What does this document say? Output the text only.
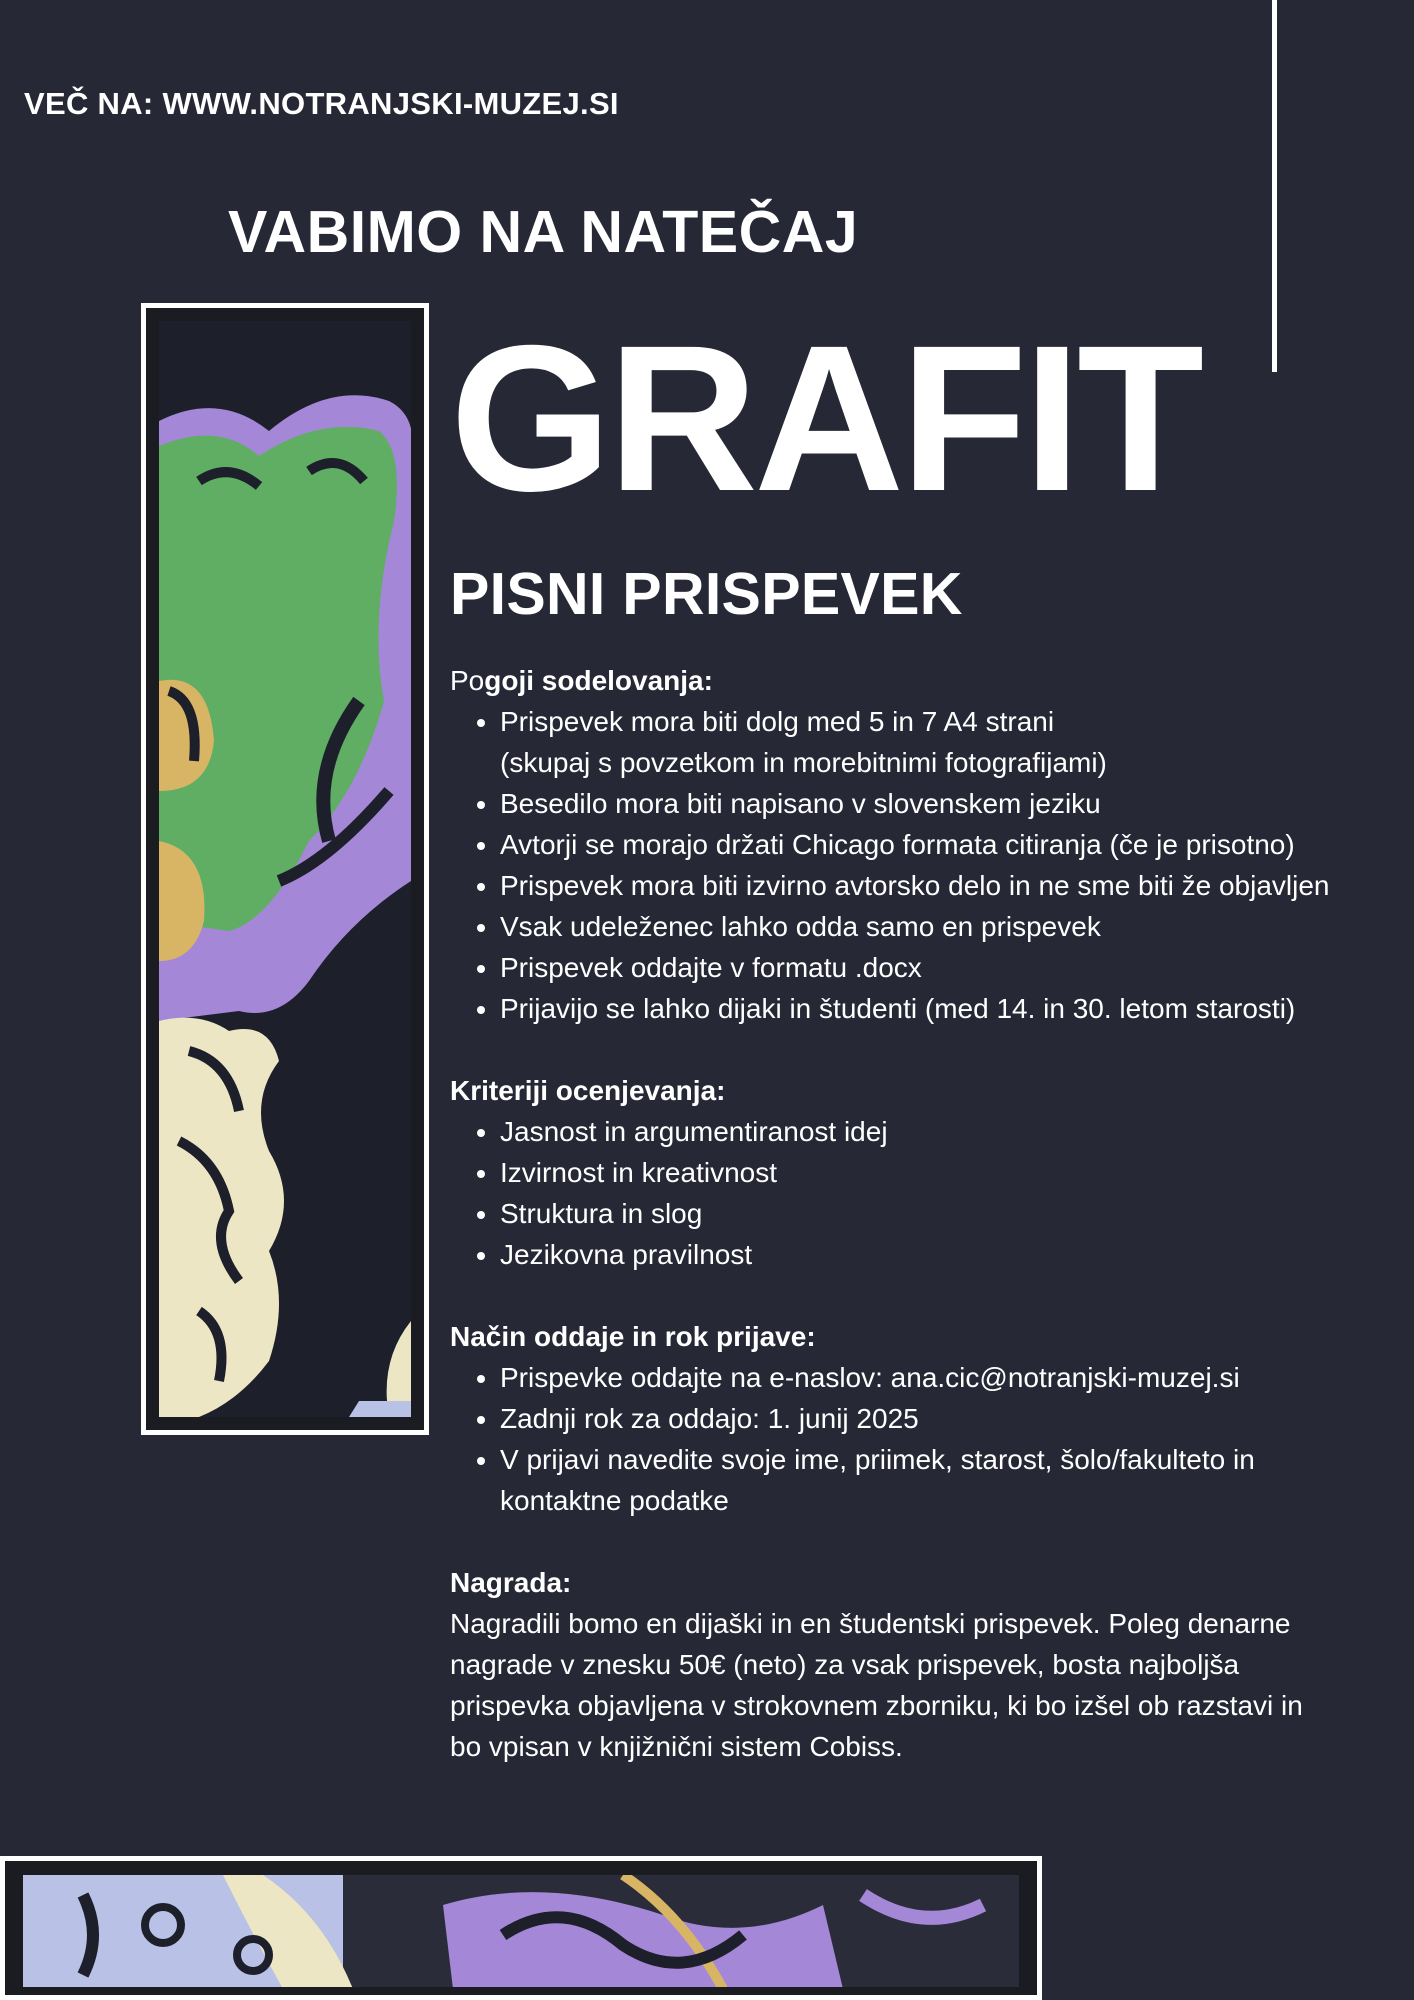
VEČ NA: WWW.NOTRANJSKI-MUZEJ.SI
VABIMO NA NATEČAJ
GRAFIT
PISNI PRISPEVEK
Pogoji sodelovanja:
• Prispevek mora biti dolg med 5 in 7 A4 strani
(skupaj s povzetkom in morebitnimi fotografijami)
• Besedilo mora biti napisano v slovenskem jeziku
• Avtorji se morajo držati Chicago formata citiranja (če je prisotno)
• Prispevek mora biti izvirno avtorsko delo in ne sme biti že objavljen
• Vsak udeleženec lahko odda samo en prispevek
• Prispevek oddajte v formatu .docx
• Prijavijo se lahko dijaki in študenti (med 14. in 30. letom starosti)
Kriteriji ocenjevanja:
• Jasnost in argumentiranost idej
• Izvirnost in kreativnost
• Struktura in slog
• Jezikovna pravilnost
Način oddaje in rok prijave:
• Prispevke oddajte na e-naslov: ana.cic@notranjski-muzej.si
• Zadnji rok za oddajo: 1. junij 2025
• V prijavi navedite svoje ime, priimek, starost, šolo/fakulteto in
kontaktne podatke
Nagrada:

Nagradili bomo en dijaški in en študentski prispevek. Poleg denarne
nagrade v znesku 50€ (neto) za vsak prispevek, bosta najboljša
prispevka objavljena v strokovnem zborniku, ki bo izšel ob razstavi in
bo vpisan v knjižnični sistem Cobiss.
